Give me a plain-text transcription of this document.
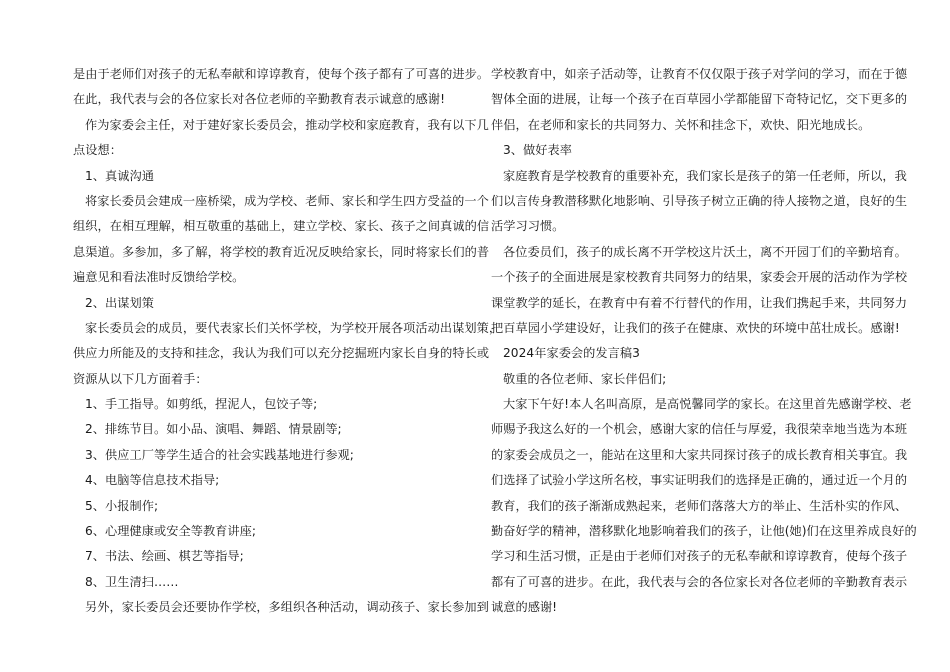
是由于老师们对孩子的无私奉献和谆谆教育，使每个孩子都有了可喜的进步。
在此，我代表与会的各位家长对各位老师的辛勤教育表示诚意的感谢!
作为家委会主任，对于建好家长委员会，推动学校和家庭教育，我有以下几
点设想：
1、真诚沟通
将家长委员会建成一座桥梁，成为学校、老师、家长和学生四方受益的一个
组织，在相互理解，相互敬重的基础上，建立学校、家长、孩子之间真诚的信
息渠道。多参加，多了解，将学校的教育近况反映给家长，同时将家长们的普
遍意见和看法准时反馈给学校。
2、出谋划策
家长委员会的成员，要代表家长们关怀学校，为学校开展各项活动出谋划策，
供应力所能及的支持和挂念，我认为我们可以充分挖掘班内家长自身的特长或
资源从以下几方面着手：
1、手工指导。如剪纸，捏泥人，包饺子等;
2、排练节目。如小品、演唱、舞蹈、情景剧等;
3、供应工厂等学生适合的社会实践基地进行参观;
4、电脑等信息技术指导;
5、小报制作;
6、心理健康或安全等教育讲座;
7、书法、绘画、棋艺等指导;
8、卫生清扫……
另外，家长委员会还要协作学校，多组织各种活动，调动孩子、家长参加到
学校教育中，如亲子活动等，让教育不仅仅限于孩子对学问的学习，而在于德
智体全面的进展，让每一个孩子在百草园小学都能留下奇特记忆，交下更多的
伴侣，在老师和家长的共同努力、关怀和挂念下，欢快、阳光地成长。
3、做好表率
家庭教育是学校教育的重要补充，我们家长是孩子的第一任老师，所以，我
们以言传身教潜移默化地影响、引导孩子树立正确的待人接物之道，良好的生
活学习习惯。
各位委员们，孩子的成长离不开学校这片沃土，离不开园丁们的辛勤培育。
一个孩子的全面进展是家校教育共同努力的结果，家委会开展的活动作为学校
课堂教学的延长，在教育中有着不行替代的作用，让我们携起手来，共同努力
把百草园小学建设好，让我们的孩子在健康、欢快的环境中茁壮成长。感谢!
2024年家委会的发言稿3
敬重的各位老师、家长伴侣们;
大家下午好!本人名叫高原，是高悦馨同学的家长。在这里首先感谢学校、老
师赐予我这么好的一个机会，感谢大家的信任与厚爱，我很荣幸地当选为本班
的家委会成员之一，能站在这里和大家共同探讨孩子的成长教育相关事宜。我
们选择了试验小学这所名校，事实证明我们的选择是正确的，通过近一个月的
教育，我们的孩子渐渐成熟起来，老师们落落大方的举止、生活朴实的作风、
勤奋好学的精神，潜移默化地影响着我们的孩子，让他(她)们在这里养成良好的
学习和生活习惯，正是由于老师们对孩子的无私奉献和谆谆教育，使每个孩子
都有了可喜的进步。在此，我代表与会的各位家长对各位老师的辛勤教育表示
诚意的感谢!
